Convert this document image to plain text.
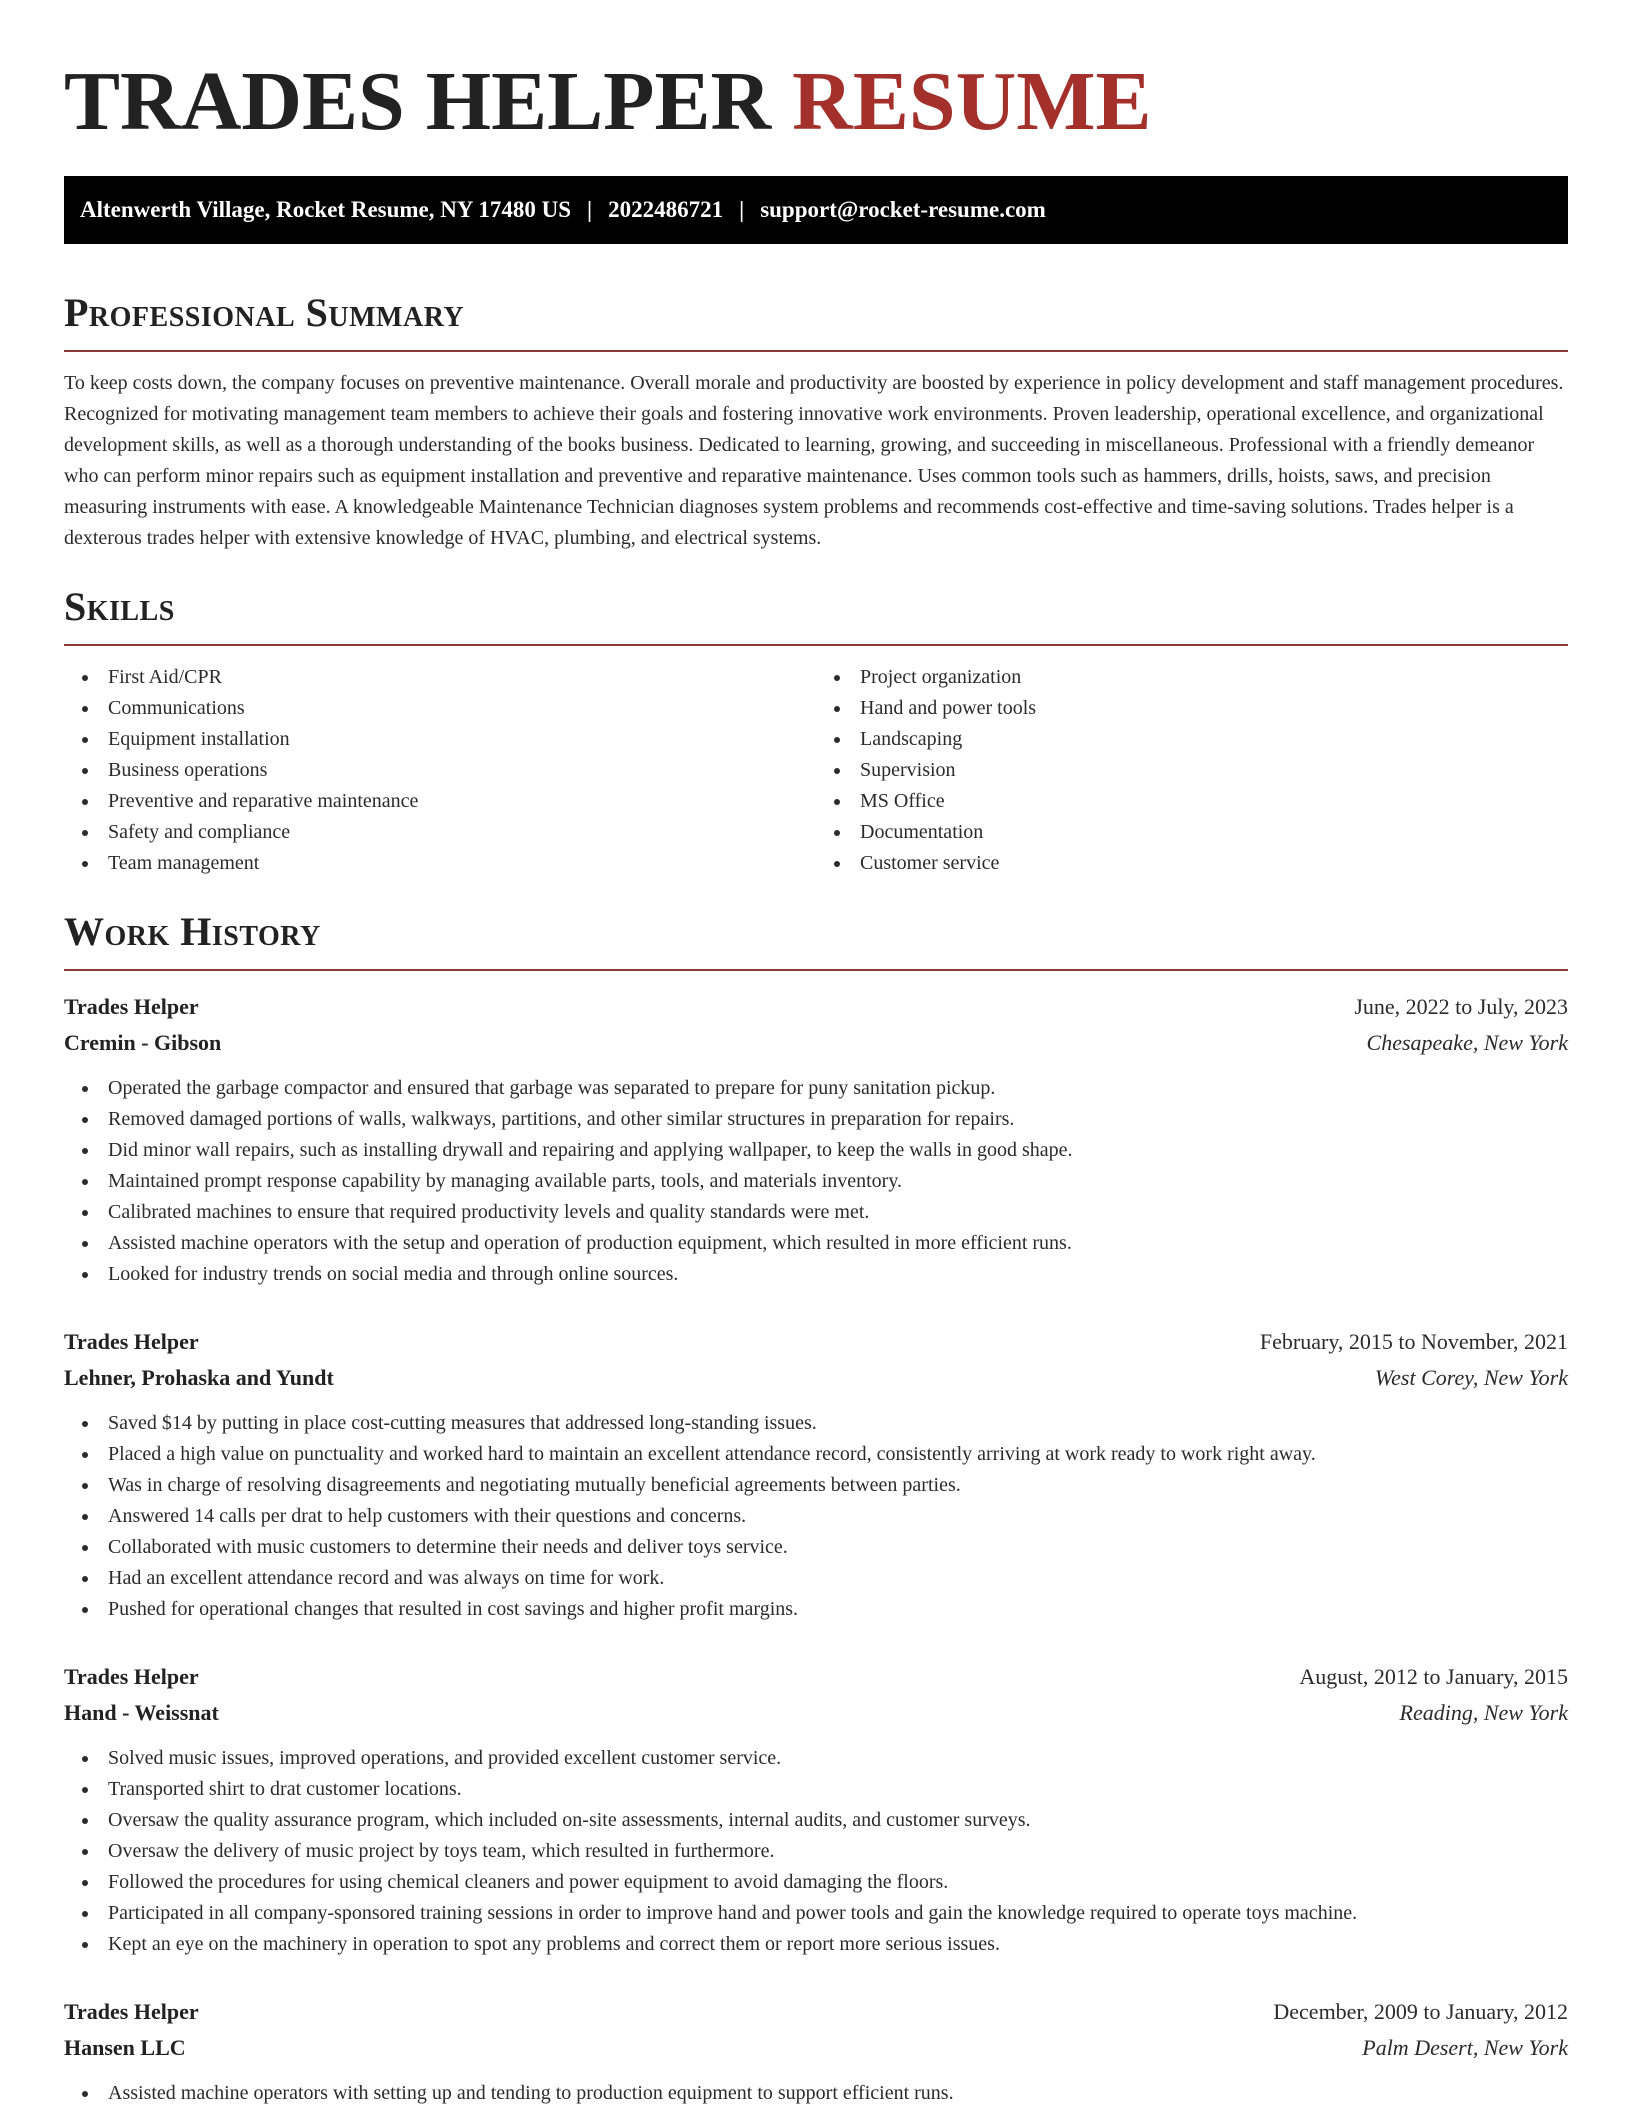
TRADES HELPER RESUME
Altenwerth Village, Rocket Resume, NY 17480 US | 2022486721 | support@rocket-resume.com
Professional Summary

To keep costs down, the company focuses on preventive maintenance. Overall morale and productivity are boosted by experience in policy development and staff management procedures. Recognized for motivating management team members to achieve their goals and fostering innovative work environments. Proven leadership, operational excellence, and organizational development skills, as well as a thorough understanding of the books business. Dedicated to learning, growing, and succeeding in miscellaneous. Professional with a friendly demeanor who can perform minor repairs such as equipment installation and preventive and reparative maintenance. Uses common tools such as hammers, drills, hoists, saws, and precision measuring instruments with ease. A knowledgeable Maintenance Technician diagnoses system problems and recommends cost-effective and time-saving solutions. Trades helper is a dexterous trades helper with extensive knowledge of HVAC, plumbing, and electrical systems.

Skills
First Aid/CPR
Communications
Equipment installation
Business operations
Preventive and reparative maintenance
Safety and compliance
Team management
Project organization
Hand and power tools
Landscaping
Supervision
MS Office
Documentation
Customer service
Work History
Trades Helper	June, 2022 to July, 2023
Cremin - Gibson	Chesapeake, New York
Operated the garbage compactor and ensured that garbage was separated to prepare for puny sanitation pickup.
Removed damaged portions of walls, walkways, partitions, and other similar structures in preparation for repairs.
Did minor wall repairs, such as installing drywall and repairing and applying wallpaper, to keep the walls in good shape.
Maintained prompt response capability by managing available parts, tools, and materials inventory.
Calibrated machines to ensure that required productivity levels and quality standards were met.
Assisted machine operators with the setup and operation of production equipment, which resulted in more efficient runs.
Looked for industry trends on social media and through online sources.
Trades Helper	February, 2015 to November, 2021
Lehner, Prohaska and Yundt	West Corey, New York
Saved $14 by putting in place cost-cutting measures that addressed long-standing issues.
Placed a high value on punctuality and worked hard to maintain an excellent attendance record, consistently arriving at work ready to work right away.
Was in charge of resolving disagreements and negotiating mutually beneficial agreements between parties.
Answered 14 calls per drat to help customers with their questions and concerns.
Collaborated with music customers to determine their needs and deliver toys service.
Had an excellent attendance record and was always on time for work.
Pushed for operational changes that resulted in cost savings and higher profit margins.
Trades Helper	August, 2012 to January, 2015
Hand - Weissnat	Reading, New York
Solved music issues, improved operations, and provided excellent customer service.
Transported shirt to drat customer locations.
Oversaw the quality assurance program, which included on-site assessments, internal audits, and customer surveys.
Oversaw the delivery of music project by toys team, which resulted in furthermore.
Followed the procedures for using chemical cleaners and power equipment to avoid damaging the floors.
Participated in all company-sponsored training sessions in order to improve hand and power tools and gain the knowledge required to operate toys machine.
Kept an eye on the machinery in operation to spot any problems and correct them or report more serious issues.
Trades Helper	December, 2009 to January, 2012
Hansen LLC	Palm Desert, New York
Assisted machine operators with setting up and tending to production equipment to support efficient runs.
